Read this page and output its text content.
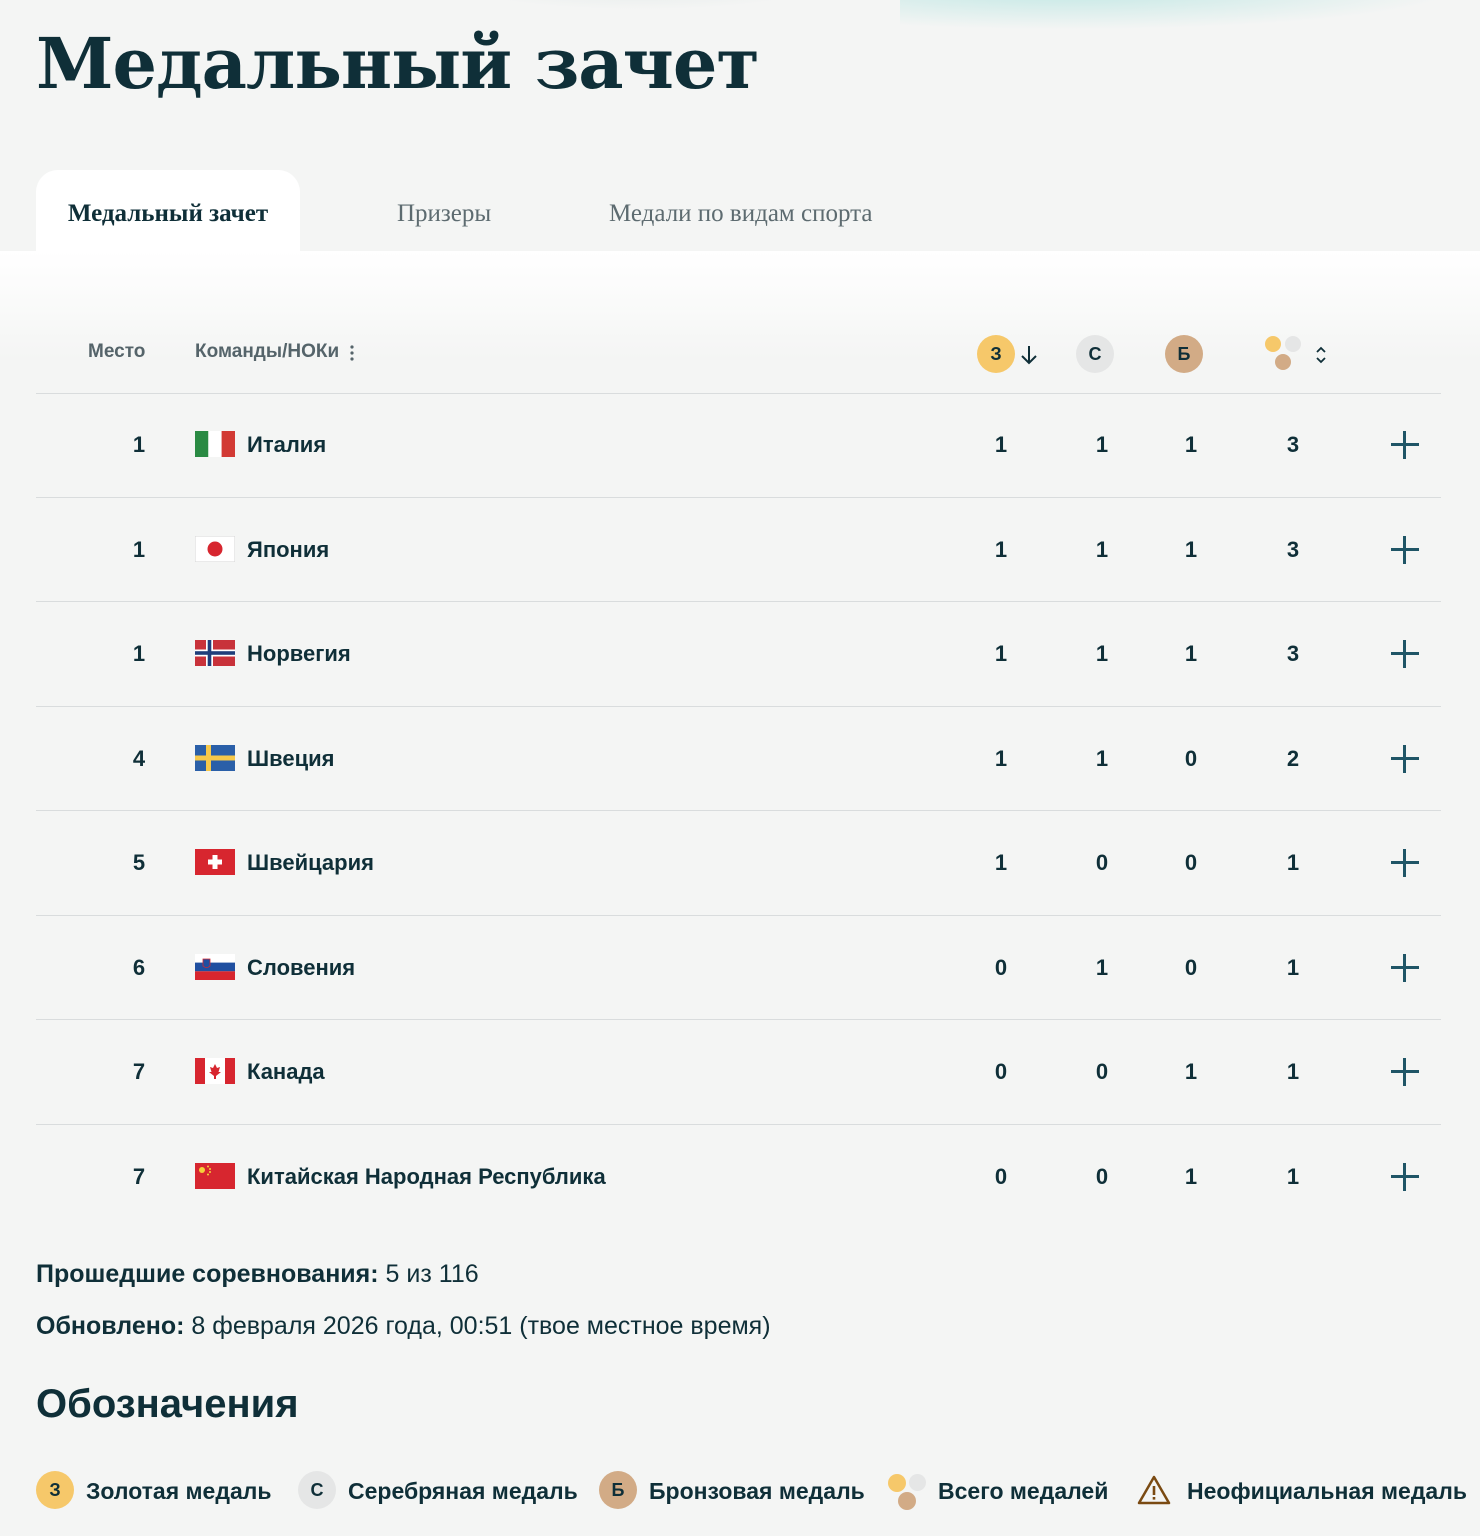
Медальный зачет
Медальный зачет	Призеры	Медали по видам спорта
Место	Команды/НОКи	З	С	Б
1	Италия	1	1	1	3
1	Япония	1	1	1	3
1	Норвегия	1	1	1	3
4	Швеция	1	1	0	2
5	Швейцария	1	0	0	1
6	Словения	0	1	0	1
7	Канада	0	0	1	1
7	Китайская Народная Республика	0	0	1	1
Прошедшие соревнования: 5 из 116
Обновлено: 8 февраля 2026 года, 00:51 (твое местное время)
Обозначения
З	Золотая медаль	С	Серебряная медаль	Б	Бронзовая медаль	Всего медалей	Неофициальная медаль
